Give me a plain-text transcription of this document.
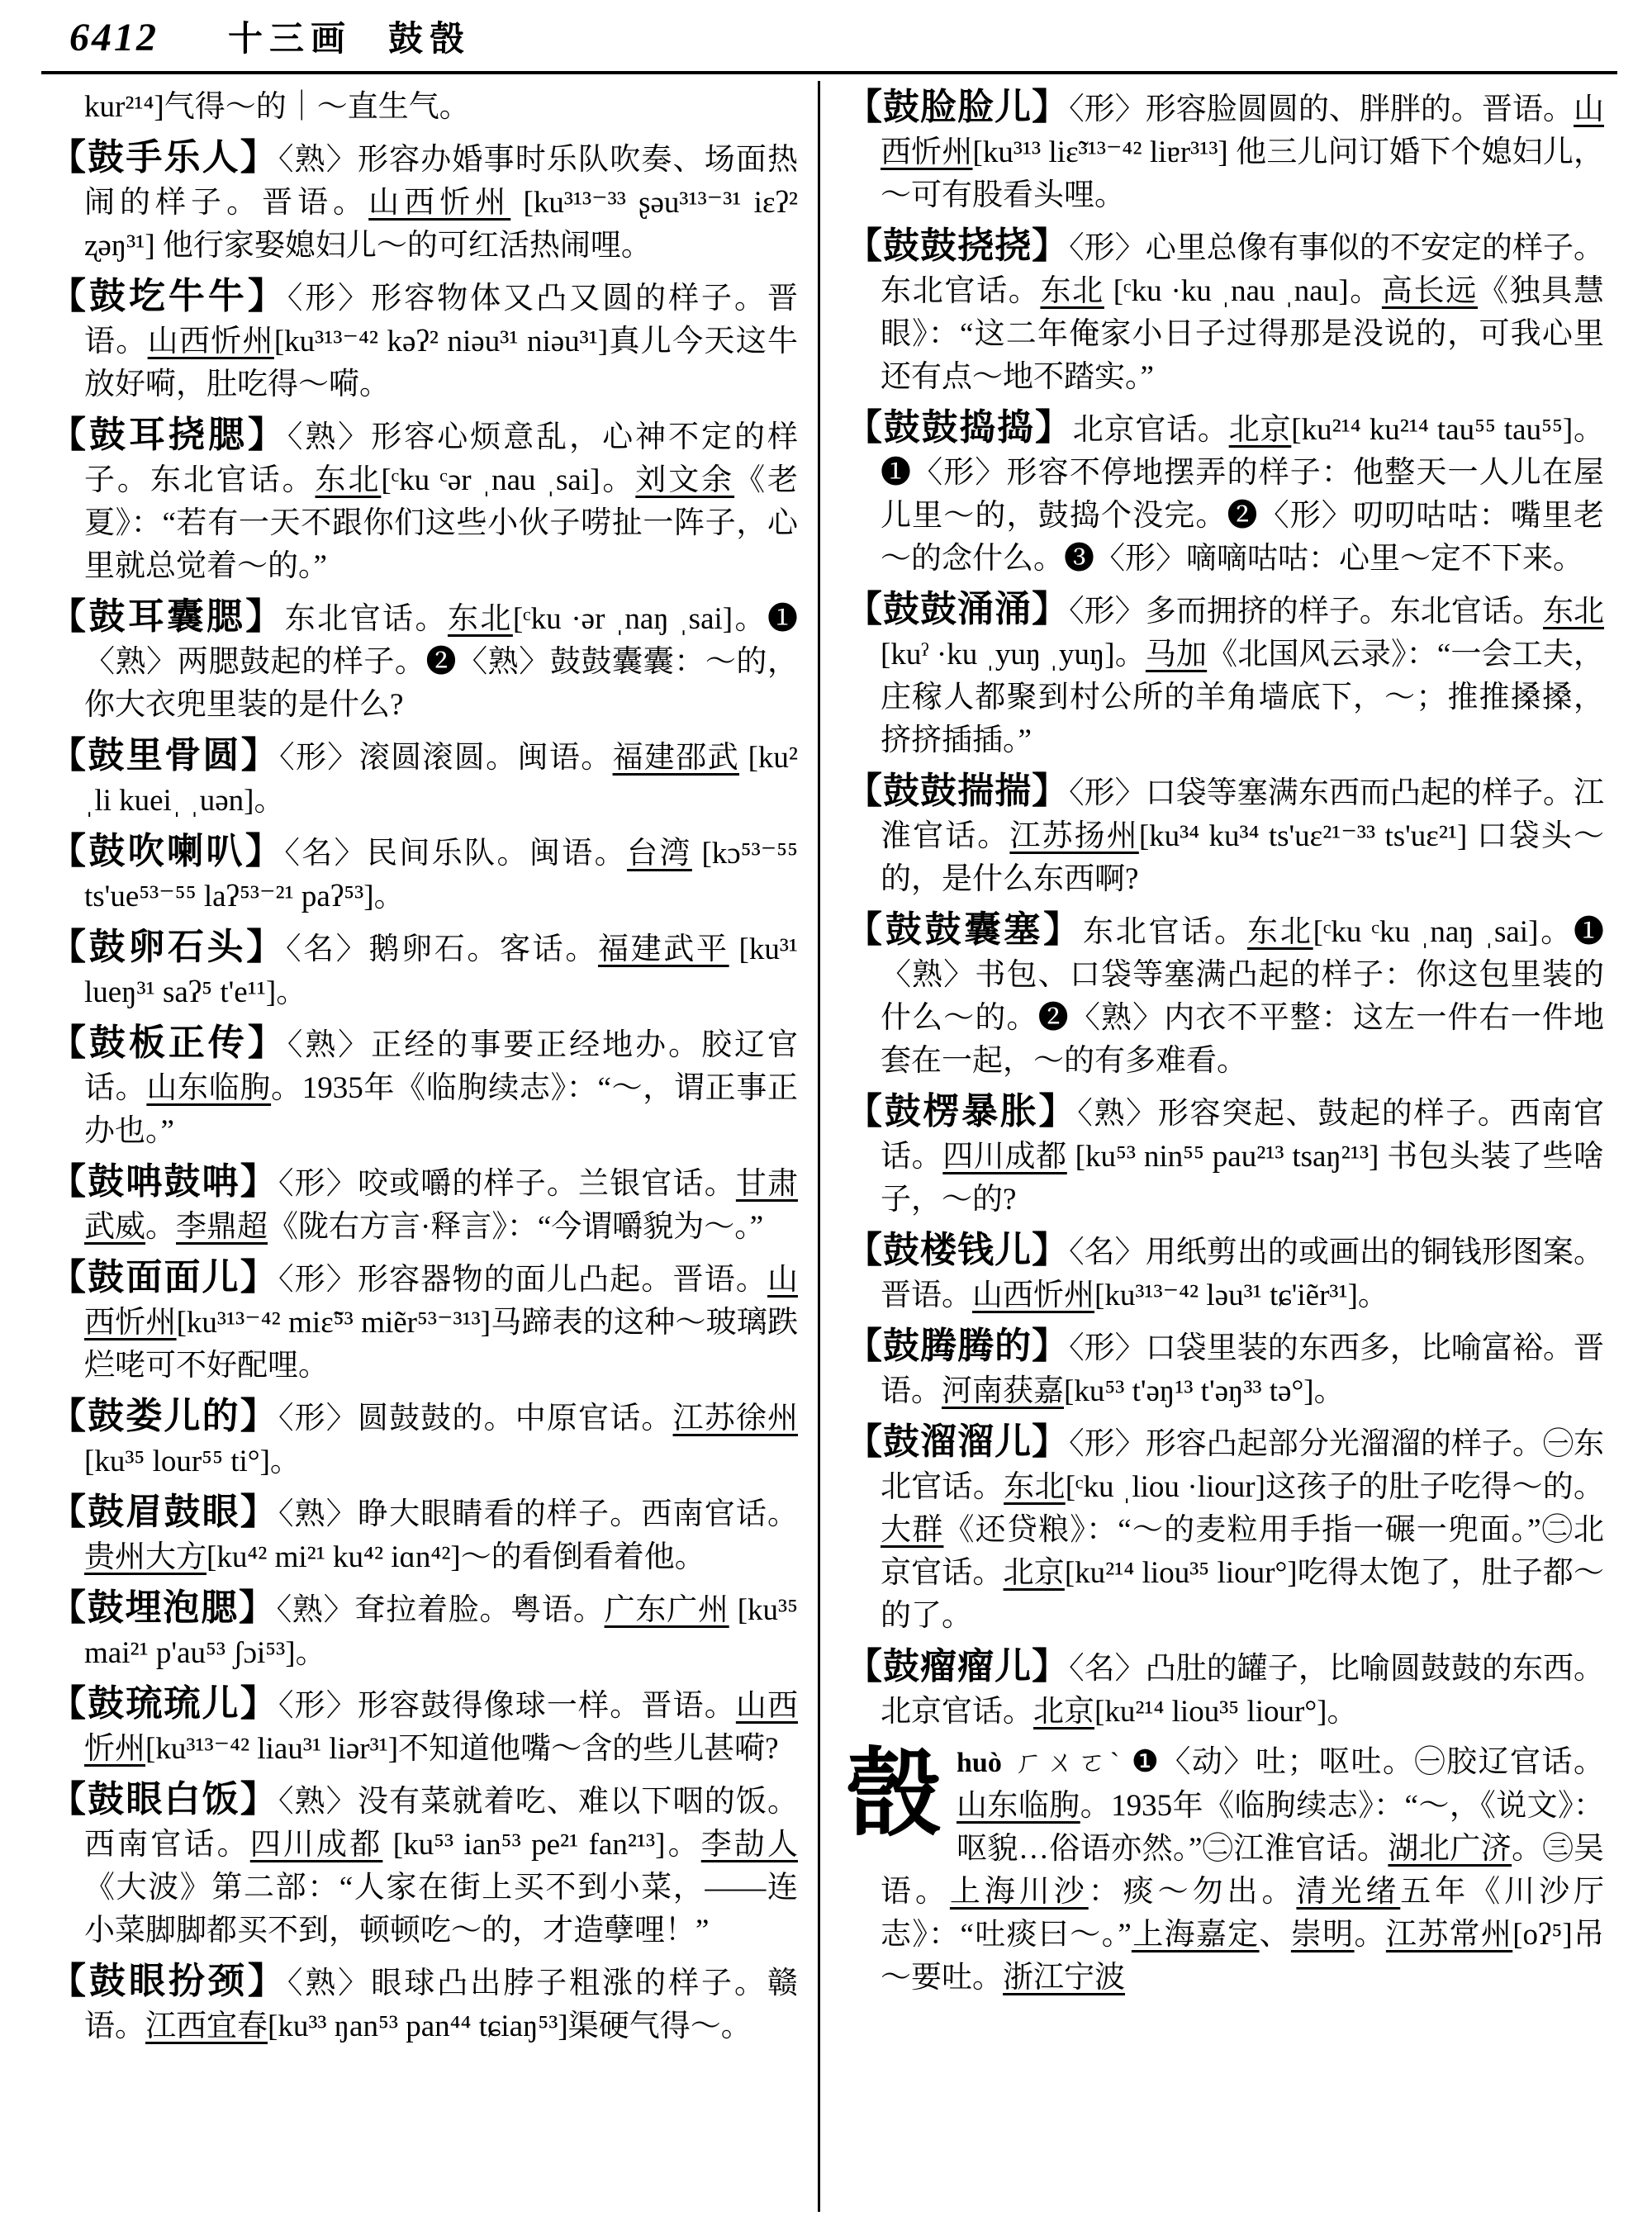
6412 十三画 鼓嗀
kur²¹⁴]气得～的｜～直生气。
【鼓手乐人】〈熟〉形容办婚事时乐队吹奏、场面热闹的样子。晋语。山西忻州 [ku³¹³⁻³³ ʂəu³¹³⁻³¹ iɛʔ² ʐəŋ³¹] 他行家娶媳妇儿～的可红活热闹哩。
【鼓圪牛牛】〈形〉形容物体又凸又圆的样子。晋语。山西忻州[ku³¹³⁻⁴² kəʔ² niəu³¹ niəu³¹]真儿今天这牛放好嗬，肚吃得～嗬。
【鼓耳挠腮】〈熟〉形容心烦意乱，心神不定的样子。东北官话。东北[ᶜku ᶜər ˌnau ˌsai]。刘文余《老夏》：“若有一天不跟你们这些小伙子唠扯一阵子，心里就总觉着～的。”
【鼓耳囊腮】东北官话。东北[ᶜku ·ər ˌnaŋ ˌsai]。❶〈熟〉两腮鼓起的样子。❷〈熟〉鼓鼓囊囊：～的，你大衣兜里装的是什么?
【鼓里骨圆】〈形〉滚圆滚圆。闽语。福建邵武 [ku² ˌli kueiˌ ˌuən]。
【鼓吹喇叭】〈名〉民间乐队。闽语。台湾 [kɔ⁵³⁻⁵⁵ ts'ue⁵³⁻⁵⁵ laʔ⁵³⁻²¹ paʔ⁵³]。
【鼓卵石头】〈名〉鹅卵石。客话。福建武平 [ku³¹ lueŋ³¹ saʔ⁵ t'e¹¹]。
【鼓板正传】〈熟〉正经的事要正经地办。胶辽官话。山东临朐。1935年《临朐续志》：“～，谓正事正办也。”
【鼓呥鼓呥】〈形〉咬或嚼的样子。兰银官话。甘肃武威。李鼎超《陇右方言·释言》：“今谓嚼貌为～。”
【鼓面面儿】〈形〉形容器物的面儿凸起。晋语。山西忻州[ku³¹³⁻⁴² miɛ̃⁵³ miẽr⁵³⁻³¹³]马蹄表的这种～玻璃跌烂咾可不好配哩。
【鼓娄儿的】〈形〉圆鼓鼓的。中原官话。江苏徐州 [ku³⁵ lour⁵⁵ ti°]。
【鼓眉鼓眼】〈熟〉睁大眼睛看的样子。西南官话。贵州大方[ku⁴² mi²¹ ku⁴² iɑn⁴²]～的看倒看着他。
【鼓埋泡腮】〈熟〉耷拉着脸。粤语。广东广州 [ku³⁵ mai²¹ p'au⁵³ ʃɔi⁵³]。
【鼓琉琉儿】〈形〉形容鼓得像球一样。晋语。山西忻州[ku³¹³⁻⁴² liau³¹ liər³¹]不知道他嘴～含的些儿甚嗬?
【鼓眼白饭】〈熟〉没有菜就着吃、难以下咽的饭。西南官话。四川成都 [ku⁵³ ian⁵³ pe²¹ fan²¹³]。李劼人《大波》第二部：“人家在街上买不到小菜，——连小菜脚脚都买不到，顿顿吃～的，才造孽哩！”
【鼓眼扮颈】〈熟〉眼球凸出脖子粗涨的样子。赣语。江西宜春[ku³³ ŋan⁵³ pan⁴⁴ tɕiaŋ⁵³]渠硬气得～。
【鼓脸脸儿】〈形〉形容脸圆圆的、胖胖的。晋语。山西忻州[ku³¹³ liɛ̃³¹³⁻⁴² liɐr³¹³] 他三儿问订婚下个媳妇儿，～可有股看头哩。
【鼓鼓挠挠】〈形〉心里总像有事似的不安定的样子。东北官话。东北 [ᶜku ·ku ˌnau ˌnau]。高长远《独具慧眼》：“这二年俺家小日子过得那是没说的，可我心里还有点～地不踏实。”
【鼓鼓捣捣】北京官话。北京[ku²¹⁴ ku²¹⁴ tau⁵⁵ tau⁵⁵]。❶〈形〉形容不停地摆弄的样子：他整天一人儿在屋儿里～的，鼓捣个没完。❷〈形〉叨叨咕咕：嘴里老～的念什么。❸〈形〉嘀嘀咕咕：心里～定不下来。
【鼓鼓涌涌】〈形〉多而拥挤的样子。东北官话。东北[kuˀ ·ku ˌyuŋ ˌyuŋ]。马加《北国风云录》：“一会工夫，庄稼人都聚到村公所的羊角墙底下，～；推推搡搡，挤挤插插。”
【鼓鼓揣揣】〈形〉口袋等塞满东西而凸起的样子。江淮官话。江苏扬州[ku³⁴ ku³⁴ ts'uɛ²¹⁻³³ ts'uɛ²¹] 口袋头～的，是什么东西啊?
【鼓鼓囊塞】东北官话。东北[ᶜku ᶜku ˌnaŋ ˌsai]。❶〈熟〉书包、口袋等塞满凸起的样子：你这包里装的什么～的。❷〈熟〉内衣不平整：这左一件右一件地套在一起，～的有多难看。
【鼓楞暴胀】〈熟〉形容突起、鼓起的样子。西南官话。四川成都 [ku⁵³ nin⁵⁵ pau²¹³ tsaŋ²¹³] 书包头装了些啥子，～的?
【鼓楼钱儿】〈名〉用纸剪出的或画出的铜钱形图案。晋语。山西忻州[ku³¹³⁻⁴² ləu³¹ tɕ'iẽr³¹]。
【鼓腾腾的】〈形〉口袋里装的东西多，比喻富裕。晋语。河南获嘉[ku⁵³ t'əŋ¹³ t'əŋ³³ tə°]。
【鼓溜溜儿】〈形〉形容凸起部分光溜溜的样子。㊀东北官话。东北[ᶜku ˌliou ·liour]这孩子的肚子吃得～的。大群《还贷粮》：“～的麦粒用手指一碾一兜面。”㊁北京官话。北京[ku²¹⁴ liou³⁵ liour°]吃得太饱了，肚子都～的了。
【鼓瘤瘤儿】〈名〉凸肚的罐子，比喻圆鼓鼓的东西。北京官话。北京[ku²¹⁴ liou³⁵ liour°]。
嗀huò ㄏㄨㄛˋ ❶〈动〉吐；呕吐。㊀胶辽官话。山东临朐。1935年《临朐续志》：“～，《说文》：呕貌…俗语亦然。”㊁江淮官话。湖北广济。㊂吴语。上海川沙：痰～勿出。清光绪五年《川沙厅志》：“吐痰曰～。”上海嘉定、崇明。江苏常州[oʔ⁵]吊～要吐。浙江宁波
